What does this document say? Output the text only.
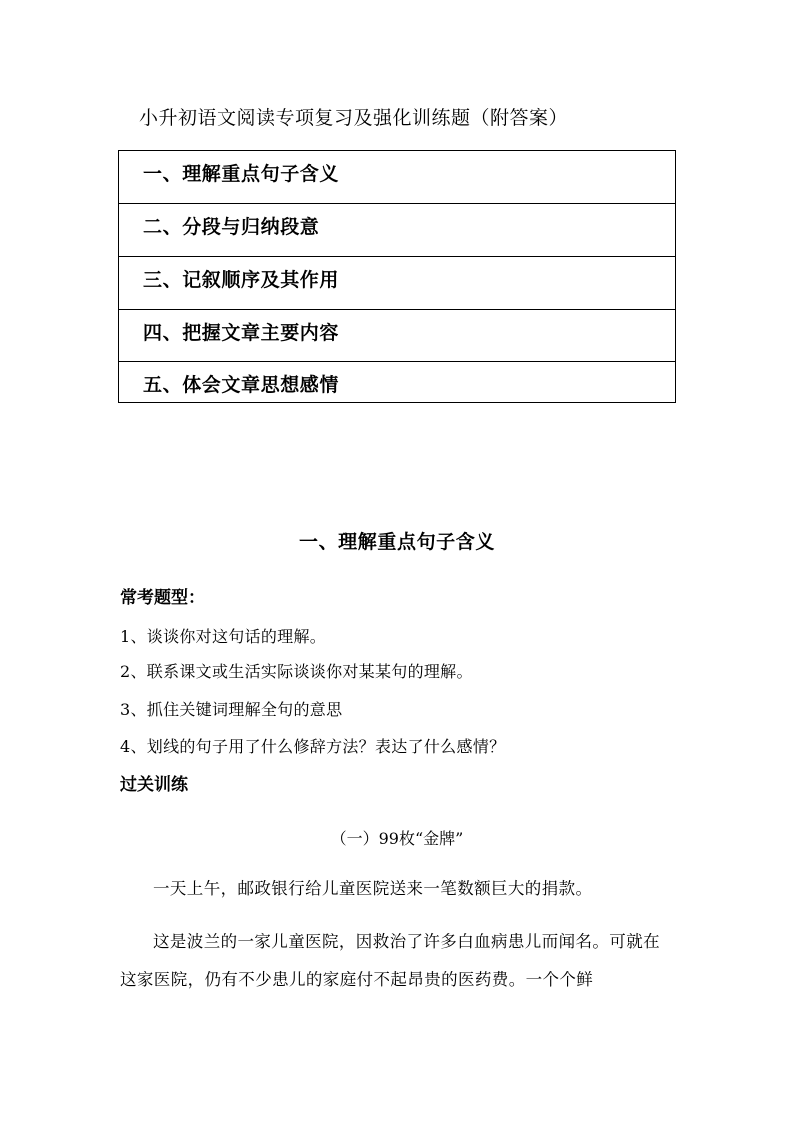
小升初语文阅读专项复习及强化训练题（附答案）
一、理解重点句子含义
二、分段与归纳段意
三、记叙顺序及其作用
四、把握文章主要内容
五、体会文章思想感情
一、理解重点句子含义
常考题型：
1、谈谈你对这句话的理解。
2、联系课文或生活实际谈谈你对某某句的理解。
3、抓住关键词理解全句的意思
4、划线的句子用了什么修辞方法？表达了什么感情？
过关训练
（一）99枚“金牌”
一天上午，邮政银行给儿童医院送来一笔数额巨大的捐款。
这是波兰的一家儿童医院，因救治了许多白血病患儿而闻名。可就在这家医院，仍有不少患儿的家庭付不起昂贵的医药费。一个个鲜
